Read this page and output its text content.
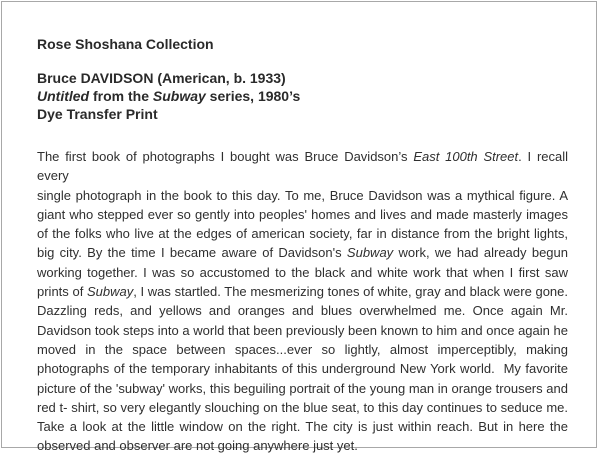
Rose Shoshana Collection
Bruce DAVIDSON (American, b. 1933)
Untitled from the Subway series, 1980’s
Dye Transfer Print
The first book of photographs I bought was Bruce Davidson’s East 100th Street. I recall every
single photograph in the book to this day. To me, Bruce Davidson was a mythical figure. A
giant who stepped ever so gently into peoples' homes and lives and made masterly images
of the folks who live at the edges of american society, far in distance from the bright lights,
big city. By the time I became aware of Davidson's Subway work, we had already begun
working together. I was so accustomed to the black and white work that when I first saw
prints of Subway, I was startled. The mesmerizing tones of white, gray and black were gone.
Dazzling reds, and yellows and oranges and blues overwhelmed me. Once again Mr.
Davidson took steps into a world that been previously been known to him and once again he
moved in the space between spaces...ever so lightly, almost imperceptibly, making
photographs of the temporary inhabitants of this underground New York world.  My favorite
picture of the 'subway' works, this beguiling portrait of the young man in orange trousers and
red t- shirt, so very elegantly slouching on the blue seat, to this day continues to seduce me.
Take a look at the little window on the right. The city is just within reach. But in here the
observed and observer are not going anywhere just yet.
